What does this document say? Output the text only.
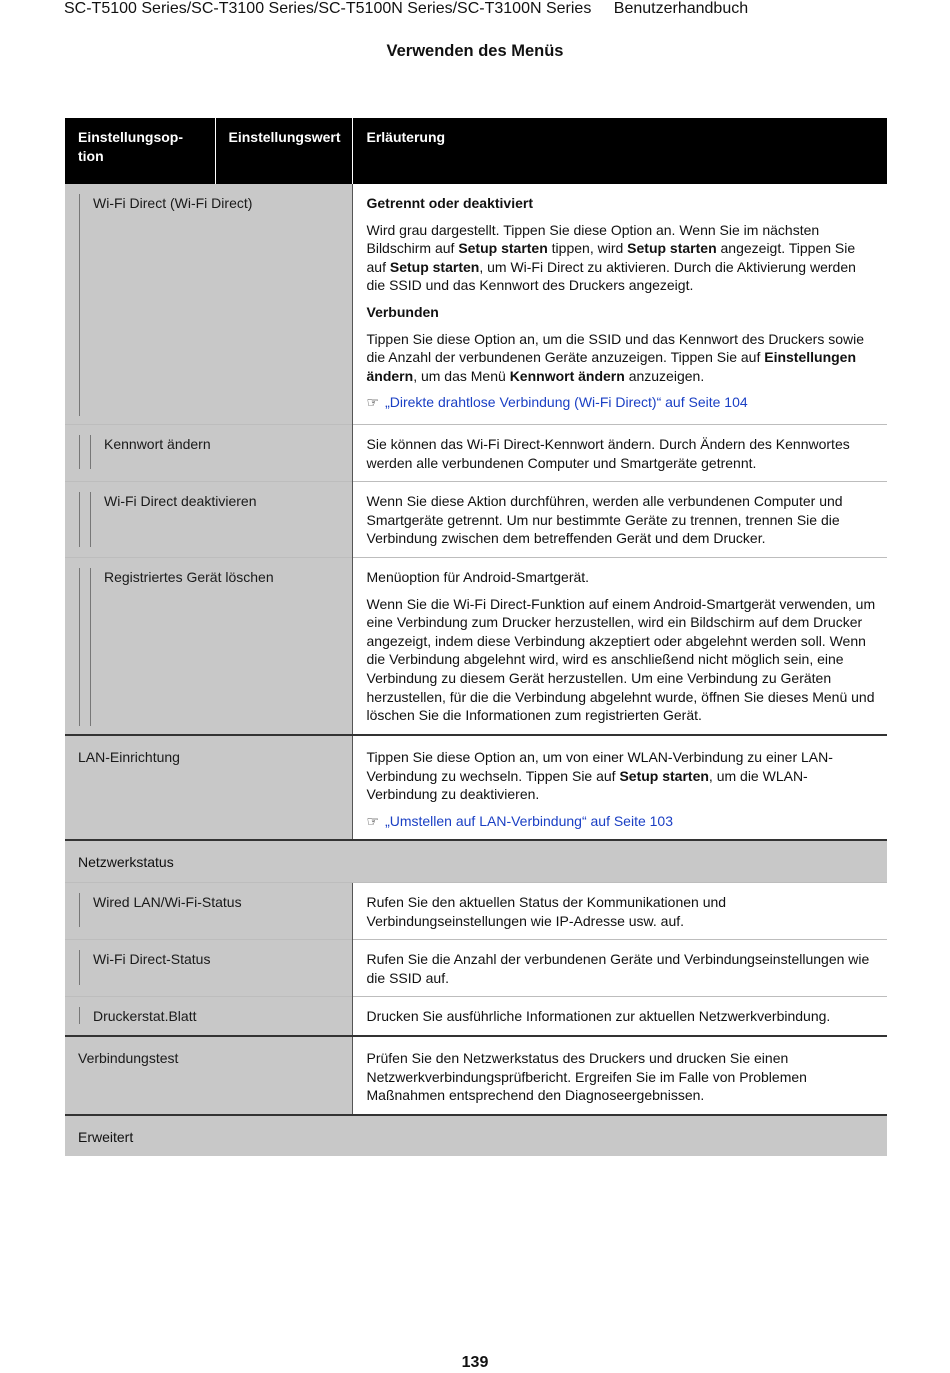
SC-T5100 Series/SC-T3100 Series/SC-T5100N Series/SC-T3100N Series Benutzerhandbuch
Verwenden des Menüs
Einstellungsop-tion	Einstellungswert	Erläuterung

Wi-Fi Direct (Wi-Fi Direct)		Getrennt oder deaktiviert

Wird grau dargestellt. Tippen Sie diese Option an. Wenn Sie im nächsten Bildschirm auf Setup starten tippen, wird Setup starten angezeigt. Tippen Sie auf Setup starten, um Wi-Fi Direct zu aktivieren. Durch die Aktivierung werden die SSID und das Kennwort des Druckers angezeigt.

Verbunden

Tippen Sie diese Option an, um die SSID und das Kennwort des Druckers sowie die Anzahl der verbundenen Geräte anzuzeigen. Tippen Sie auf Einstellungen ändern, um das Menü Kennwort ändern anzuzeigen.

☞ „Direkte drahtlose Verbindung (Wi-Fi Direct)“ auf Seite 104

Kennwort ändern		Sie können das Wi-Fi Direct-Kennwort ändern. Durch Ändern des Kennwortes werden alle verbundenen Computer und Smartgeräte getrennt.

Wi-Fi Direct deaktivieren		Wenn Sie diese Aktion durchführen, werden alle verbundenen Computer und Smartgeräte getrennt. Um nur bestimmte Geräte zu trennen, trennen Sie die Verbindung zwischen dem betreffenden Gerät und dem Drucker.

Registriertes Gerät löschen		Menüoption für Android-Smartgerät.

Wenn Sie die Wi-Fi Direct-Funktion auf einem Android-Smartgerät verwenden, um eine Verbindung zum Drucker herzustellen, wird ein Bildschirm auf dem Drucker angezeigt, indem diese Verbindung akzeptiert oder abgelehnt werden soll. Wenn die Verbindung abgelehnt wird, wird es anschließend nicht möglich sein, eine Verbindung zu diesem Gerät herzustellen. Um eine Verbindung zu Geräten herzustellen, für die die Verbindung abgelehnt wurde, öffnen Sie dieses Menü und löschen Sie die Informationen zum registrierten Gerät.

LAN-Einrichtung		Tippen Sie diese Option an, um von einer WLAN-Verbindung zu einer LAN-Verbindung zu wechseln. Tippen Sie auf Setup starten, um die WLAN-Verbindung zu deaktivieren.

☞ „Umstellen auf LAN-Verbindung“ auf Seite 103

Netzwerkstatus		

Wired LAN/Wi-Fi-Status		Rufen Sie den aktuellen Status der Kommunikationen und Verbindungseinstellungen wie IP-Adresse usw. auf.

Wi-Fi Direct-Status		Rufen Sie die Anzahl der verbundenen Geräte und Verbindungseinstellungen wie die SSID auf.

Druckerstat.Blatt		Drucken Sie ausführliche Informationen zur aktuellen Netzwerkverbindung.
Verbindungstest		Prüfen Sie den Netzwerkstatus des Druckers und drucken Sie einen Netzwerkverbindungsprüfbericht. Ergreifen Sie im Falle von Problemen Maßnahmen entsprechend den Diagnoseergebnissen.
Erweitert		
139
